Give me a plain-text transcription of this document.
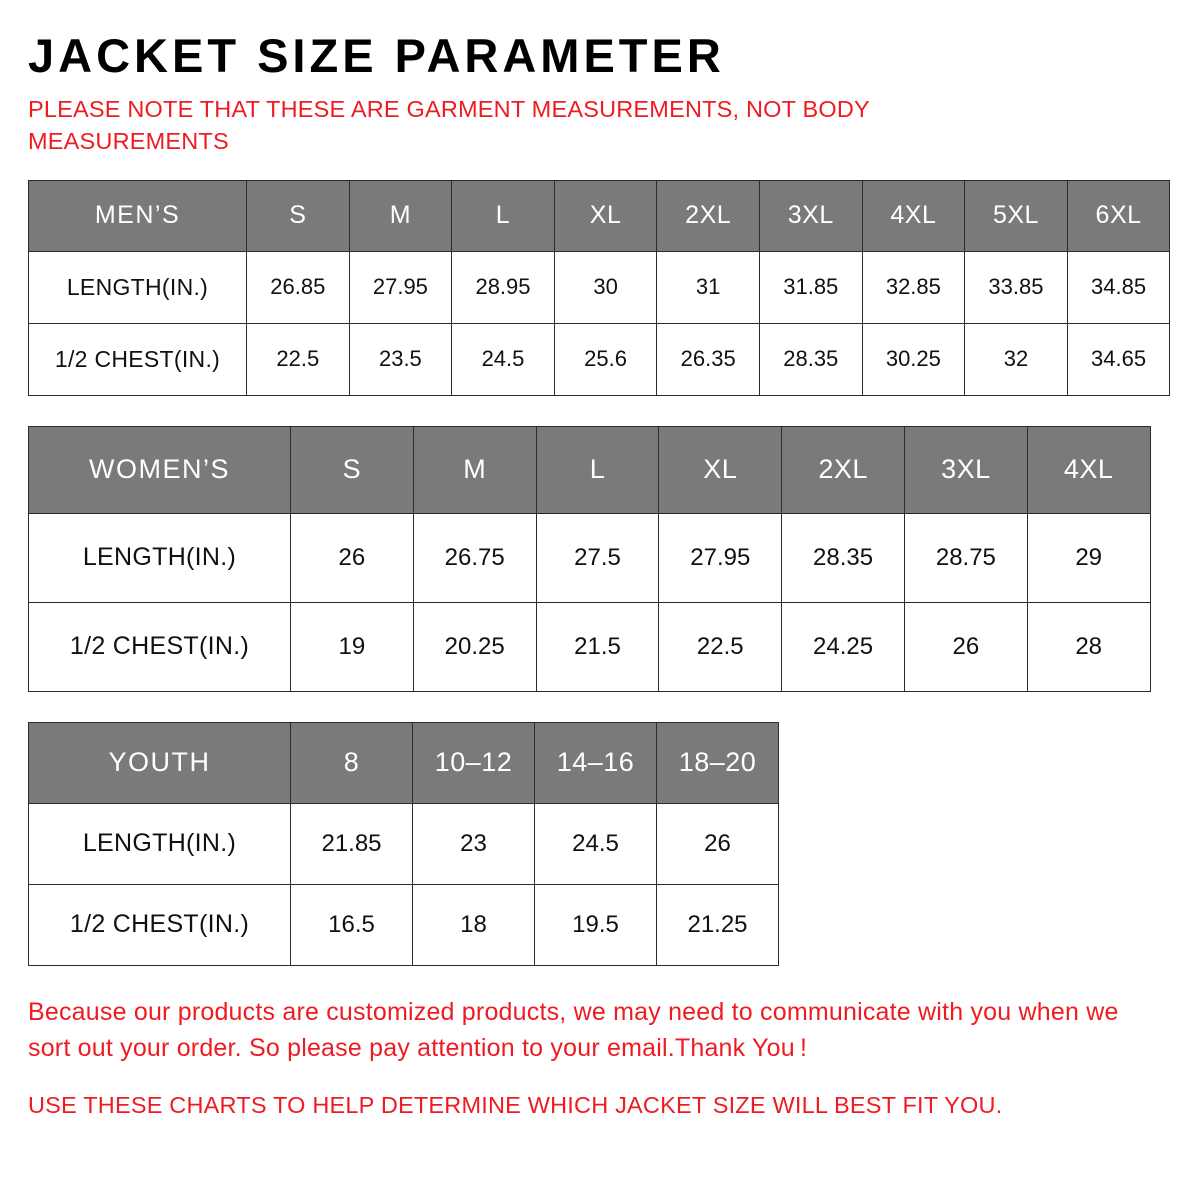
JACKET SIZE PARAMETER
PLEASE NOTE THAT THESE ARE GARMENT MEASUREMENTS, NOT BODY MEASUREMENTS
MEN’S	S	M	L	XL	2XL	3XL	4XL	5XL	6XL
LENGTH(IN.)	26.85	27.95	28.95	30	31	31.85	32.85	33.85	34.85
1/2 CHEST(IN.)	22.5	23.5	24.5	25.6	26.35	28.35	30.25	32	34.65
WOMEN’S	S	M	L	XL	2XL	3XL	4XL
LENGTH(IN.)	26	26.75	27.5	27.95	28.35	28.75	29
1/2 CHEST(IN.)	19	20.25	21.5	22.5	24.25	26	28
YOUTH	8	10–12	14–16	18–20
LENGTH(IN.)	21.85	23	24.5	26
1/2 CHEST(IN.)	16.5	18	19.5	21.25
Because our products are customized products, we may need to communicate with you when we sort out your order. So please pay attention to your email.Thank You !
USE THESE CHARTS TO HELP DETERMINE WHICH JACKET SIZE WILL BEST FIT YOU.
